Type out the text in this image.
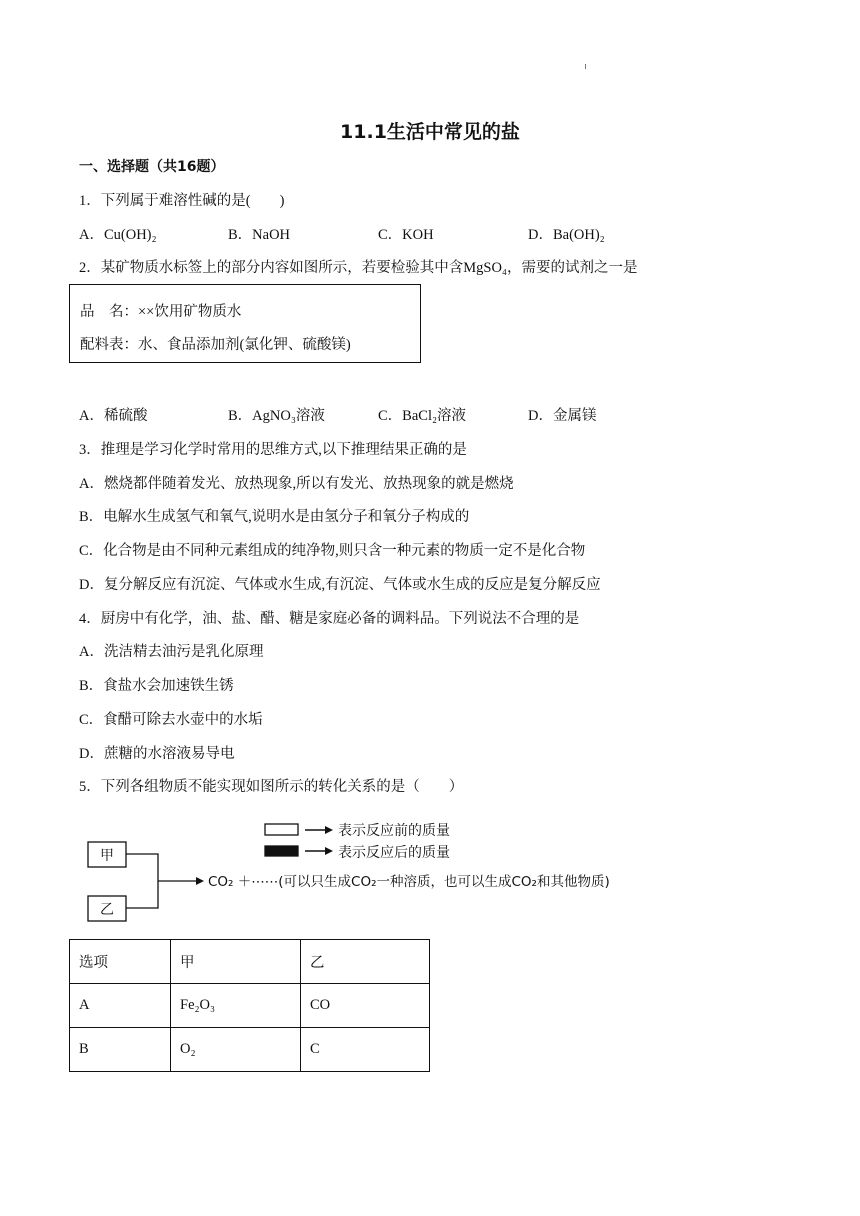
11.1生活中常见的盐
一、选择题（共16题）
1．下列属于难溶性碱的是(　　)
A．Cu(OH)₂	B．NaOH	C．KOH	D．Ba(OH)₂
2．某矿物质水标签上的部分内容如图所示，若要检验其中含MgSO₄，需要的试剂之一是
品　名：××饮用矿物质水
配料表：水、食品添加剂(氯化钾、硫酸镁)
A．稀硫酸	B．AgNO₃溶液	C．BaCl₂溶液	D．金属镁
3．推理是学习化学时常用的思维方式,以下推理结果正确的是
A．燃烧都伴随着发光、放热现象,所以有发光、放热现象的就是燃烧
B．电解水生成氢气和氧气,说明水是由氢分子和氧分子构成的
C．化合物是由不同种元素组成的纯净物,则只含一种元素的物质一定不是化合物
D．复分解反应有沉淀、气体或水生成,有沉淀、气体或水生成的反应是复分解反应
4．厨房中有化学，油、盐、醋、糖是家庭必备的调料品。下列说法不合理的是
A．洗洁精去油污是乳化原理
B．食盐水会加速铁生锈
C．食醋可除去水壶中的水垢
D．蔗糖的水溶液易导电
5．下列各组物质不能实现如图所示的转化关系的是（　　）
表示反应前的质量
表示反应后的质量
甲
乙
CO₂ ＋⋯⋯(可以只生成CO₂一种溶质，也可以生成CO₂和其他物质)
选项	甲	乙
A	Fe₂O₃	CO
B	O₂	C
